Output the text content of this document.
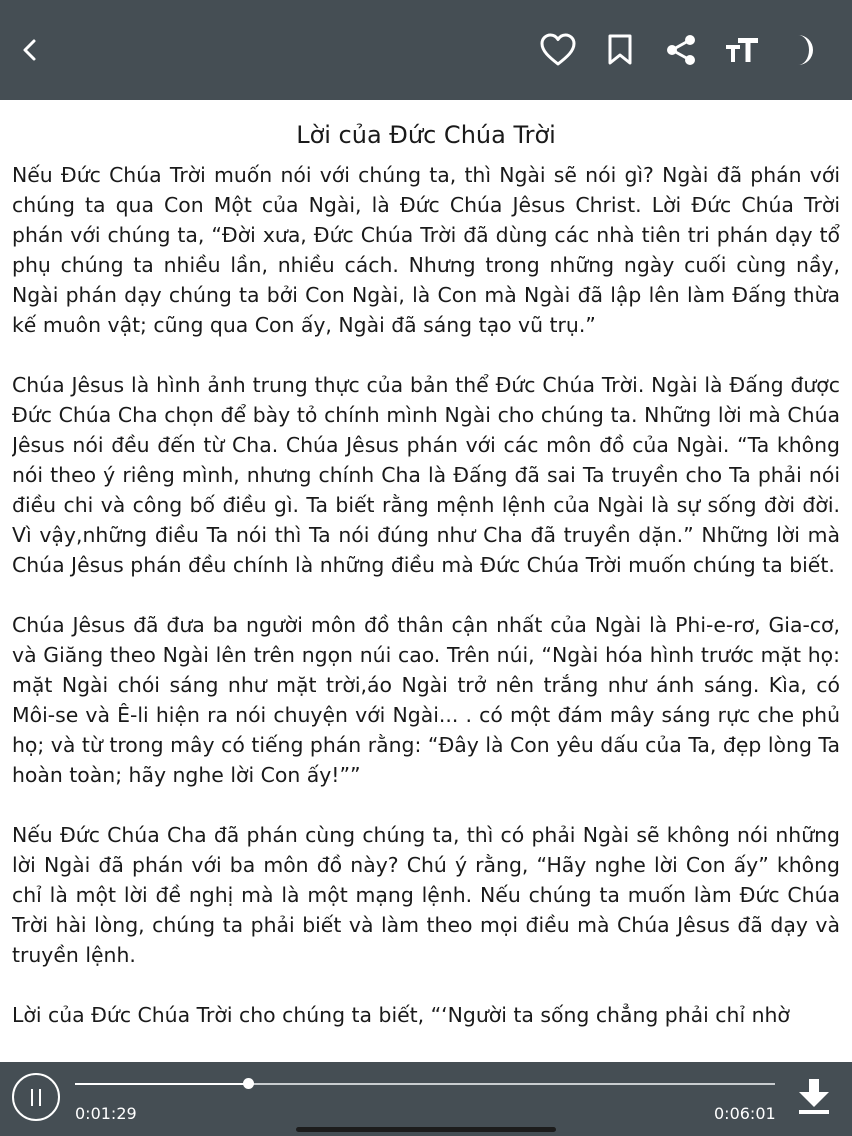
Lời của Đức Chúa Trời

Nếu Đức Chúa Trời muốn nói với chúng ta, thì Ngài sẽ nói gì? Ngài đã phán với chúng ta qua Con Một của Ngài, là Đức Chúa Jêsus Christ. Lời Đức Chúa Trời phán với chúng ta, “Đời xưa, Đức Chúa Trời đã dùng các nhà tiên tri phán dạy tổ phụ chúng ta nhiều lần, nhiều cách. Nhưng trong những ngày cuối cùng nầy, Ngài phán dạy chúng ta bởi Con Ngài, là Con mà Ngài đã lập lên làm Đấng thừa kế muôn vật; cũng qua Con ấy, Ngài đã sáng tạo vũ trụ.”

Chúa Jêsus là hình ảnh trung thực của bản thể Đức Chúa Trời. Ngài là Đấng được Đức Chúa Cha chọn để bày tỏ chính mình Ngài cho chúng ta. Những lời mà Chúa Jêsus nói đều đến từ Cha. Chúa Jêsus phán với các môn đồ của Ngài. “Ta không nói theo ý riêng mình, nhưng chính Cha là Đấng đã sai Ta truyền cho Ta phải nói điều chi và công bố điều gì. Ta biết rằng mệnh lệnh của Ngài là sự sống đời đời. Vì vậy,những điều Ta nói thì Ta nói đúng như Cha đã truyền dặn.” Những lời mà Chúa Jêsus phán đều chính là những điều mà Đức Chúa Trời muốn chúng ta biết.

Chúa Jêsus đã đưa ba người môn đồ thân cận nhất của Ngài là Phi-e-rơ, Gia-cơ, và Giăng theo Ngài lên trên ngọn núi cao. Trên núi, “Ngài hóa hình trước mặt họ: mặt Ngài chói sáng như mặt trời,áo Ngài trở nên trắng như ánh sáng. Kìa, có Môi-se và Ê-li hiện ra nói chuyện với Ngài... . có một đám mây sáng rực che phủ họ; và từ trong mây có tiếng phán rằng: “Đây là Con yêu dấu của Ta, đẹp lòng Ta hoàn toàn; hãy nghe lời Con ấy!””

Nếu Đức Chúa Cha đã phán cùng chúng ta, thì có phải Ngài sẽ không nói những lời Ngài đã phán với ba môn đồ này? Chú ý rằng, “Hãy nghe lời Con ấy” không chỉ là một lời đề nghị mà là một mạng lệnh. Nếu chúng ta muốn làm Đức Chúa Trời hài lòng, chúng ta phải biết và làm theo mọi điều mà Chúa Jêsus đã dạy và truyền lệnh.

Lời của Đức Chúa Trời cho chúng ta biết, “‘Người ta sống chẳng phải chỉ nhờ

0:01:29	0:06:01
